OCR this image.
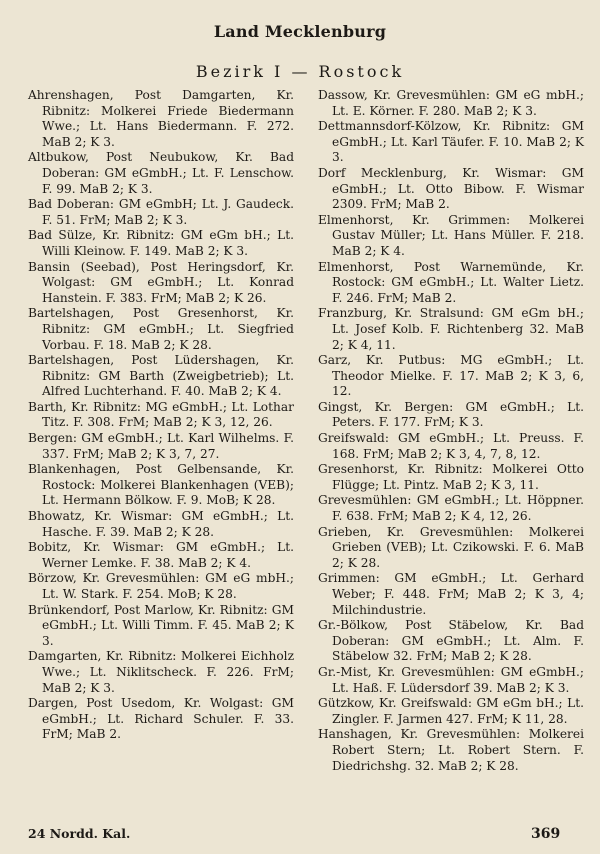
Land Mecklenburg
Bezirk I — Rostock
Ahrenshagen, Post Damgarten, Kr. Ribnitz: Molkerei Friede Biedermann Wwe.; Lt. Hans Biedermann. F. 272. MaB 2; K 3.
Altbukow, Post Neubukow, Kr. Bad Doberan: GM eGmbH.; Lt. F. Lenschow. F. 99. MaB 2; K 3.
Bad Doberan: GM eGmbH; Lt. J. Gaudeck. F. 51. FrM; MaB 2; K 3.
Bad Sülze, Kr. Ribnitz: GM eGm bH.; Lt. Willi Kleinow. F. 149. MaB 2; K 3.
Bansin (Seebad), Post Heringsdorf, Kr. Wolgast: GM eGmbH.; Lt. Konrad Hanstein. F. 383. FrM; MaB 2; K 26.
Bartelshagen, Post Gresenhorst, Kr. Ribnitz: GM eGmbH.; Lt. Siegfried Vorbau. F. 18. MaB 2; K 28.
Bartelshagen, Post Lüdershagen, Kr. Ribnitz: GM Barth (Zweigbetrieb); Lt. Alfred Luchterhand. F. 40. MaB 2; K 4.
Barth, Kr. Ribnitz: MG eGmbH.; Lt. Lothar Titz. F. 308. FrM; MaB 2; K 3, 12, 26.
Bergen: GM eGmbH.; Lt. Karl Wilhelms. F. 337. FrM; MaB 2; K 3, 7, 27.
Blankenhagen, Post Gelbensande, Kr. Rostock: Molkerei Blankenhagen (VEB); Lt. Hermann Bölkow. F. 9. MoB; K 28.
Bhowatz, Kr. Wismar: GM eGmbH.; Lt. Hasche. F. 39. MaB 2; K 28.
Bobitz, Kr. Wismar: GM eGmbH.; Lt. Werner Lemke. F. 38. MaB 2; K 4.
Börzow, Kr. Grevesmühlen: GM eG mbH.; Lt. W. Stark. F. 254. MoB; K 28.
Brünkendorf, Post Marlow, Kr. Ribnitz: GM eGmbH.; Lt. Willi Timm. F. 45. MaB 2; K 3.
Damgarten, Kr. Ribnitz: Molkerei Eichholz Wwe.; Lt. Niklitscheck. F. 226. FrM; MaB 2; K 3.
Dargen, Post Usedom, Kr. Wolgast: GM eGmbH.; Lt. Richard Schuler. F. 33. FrM; MaB 2.
Dassow, Kr. Grevesmühlen: GM eG mbH.; Lt. E. Körner. F. 280. MaB 2; K 3.
Dettmannsdorf-Kölzow, Kr. Ribnitz: GM eGmbH.; Lt. Karl Täufer. F. 10. MaB 2; K 3.
Dorf Mecklenburg, Kr. Wismar: GM eGmbH.; Lt. Otto Bibow. F. Wismar 2309. FrM; MaB 2.
Elmenhorst, Kr. Grimmen: Molkerei Gustav Müller; Lt. Hans Müller. F. 218. MaB 2; K 4.
Elmenhorst, Post Warnemünde, Kr. Rostock: GM eGmbH.; Lt. Walter Lietz. F. 246. FrM; MaB 2.
Franzburg, Kr. Stralsund: GM eGm bH.; Lt. Josef Kolb. F. Richtenberg 32. MaB 2; K 4, 11.
Garz, Kr. Putbus: MG eGmbH.; Lt. Theodor Mielke. F. 17. MaB 2; K 3, 6, 12.
Gingst, Kr. Bergen: GM eGmbH.; Lt. Peters. F. 177. FrM; K 3.
Greifswald: GM eGmbH.; Lt. Preuss. F. 168. FrM; MaB 2; K 3, 4, 7, 8, 12.
Gresenhorst, Kr. Ribnitz: Molkerei Otto Flügge; Lt. Pintz. MaB 2; K 3, 11.
Grevesmühlen: GM eGmbH.; Lt. Höppner. F. 638. FrM; MaB 2; K 4, 12, 26.
Grieben, Kr. Grevesmühlen: Molkerei Grieben (VEB); Lt. Czikowski. F. 6. MaB 2; K 28.
Grimmen: GM eGmbH.; Lt. Gerhard Weber; F. 448. FrM; MaB 2; K 3, 4; Milchindustrie.
Gr.-Bölkow, Post Stäbelow, Kr. Bad Doberan: GM eGmbH.; Lt. Alm. F. Stäbelow 32. FrM; MaB 2; K 28.
Gr.-Mist, Kr. Grevesmühlen: GM eGmbH.; Lt. Haß. F. Lüdersdorf 39. MaB 2; K 3.
Gützkow, Kr. Greifswald: GM eGm bH.; Lt. Zingler. F. Jarmen 427. FrM; K 11, 28.
Hanshagen, Kr. Grevesmühlen: Molkerei Robert Stern; Lt. Robert Stern. F. Diedrichshg. 32. MaB 2; K 28.
24 Nordd. Kal.	369
